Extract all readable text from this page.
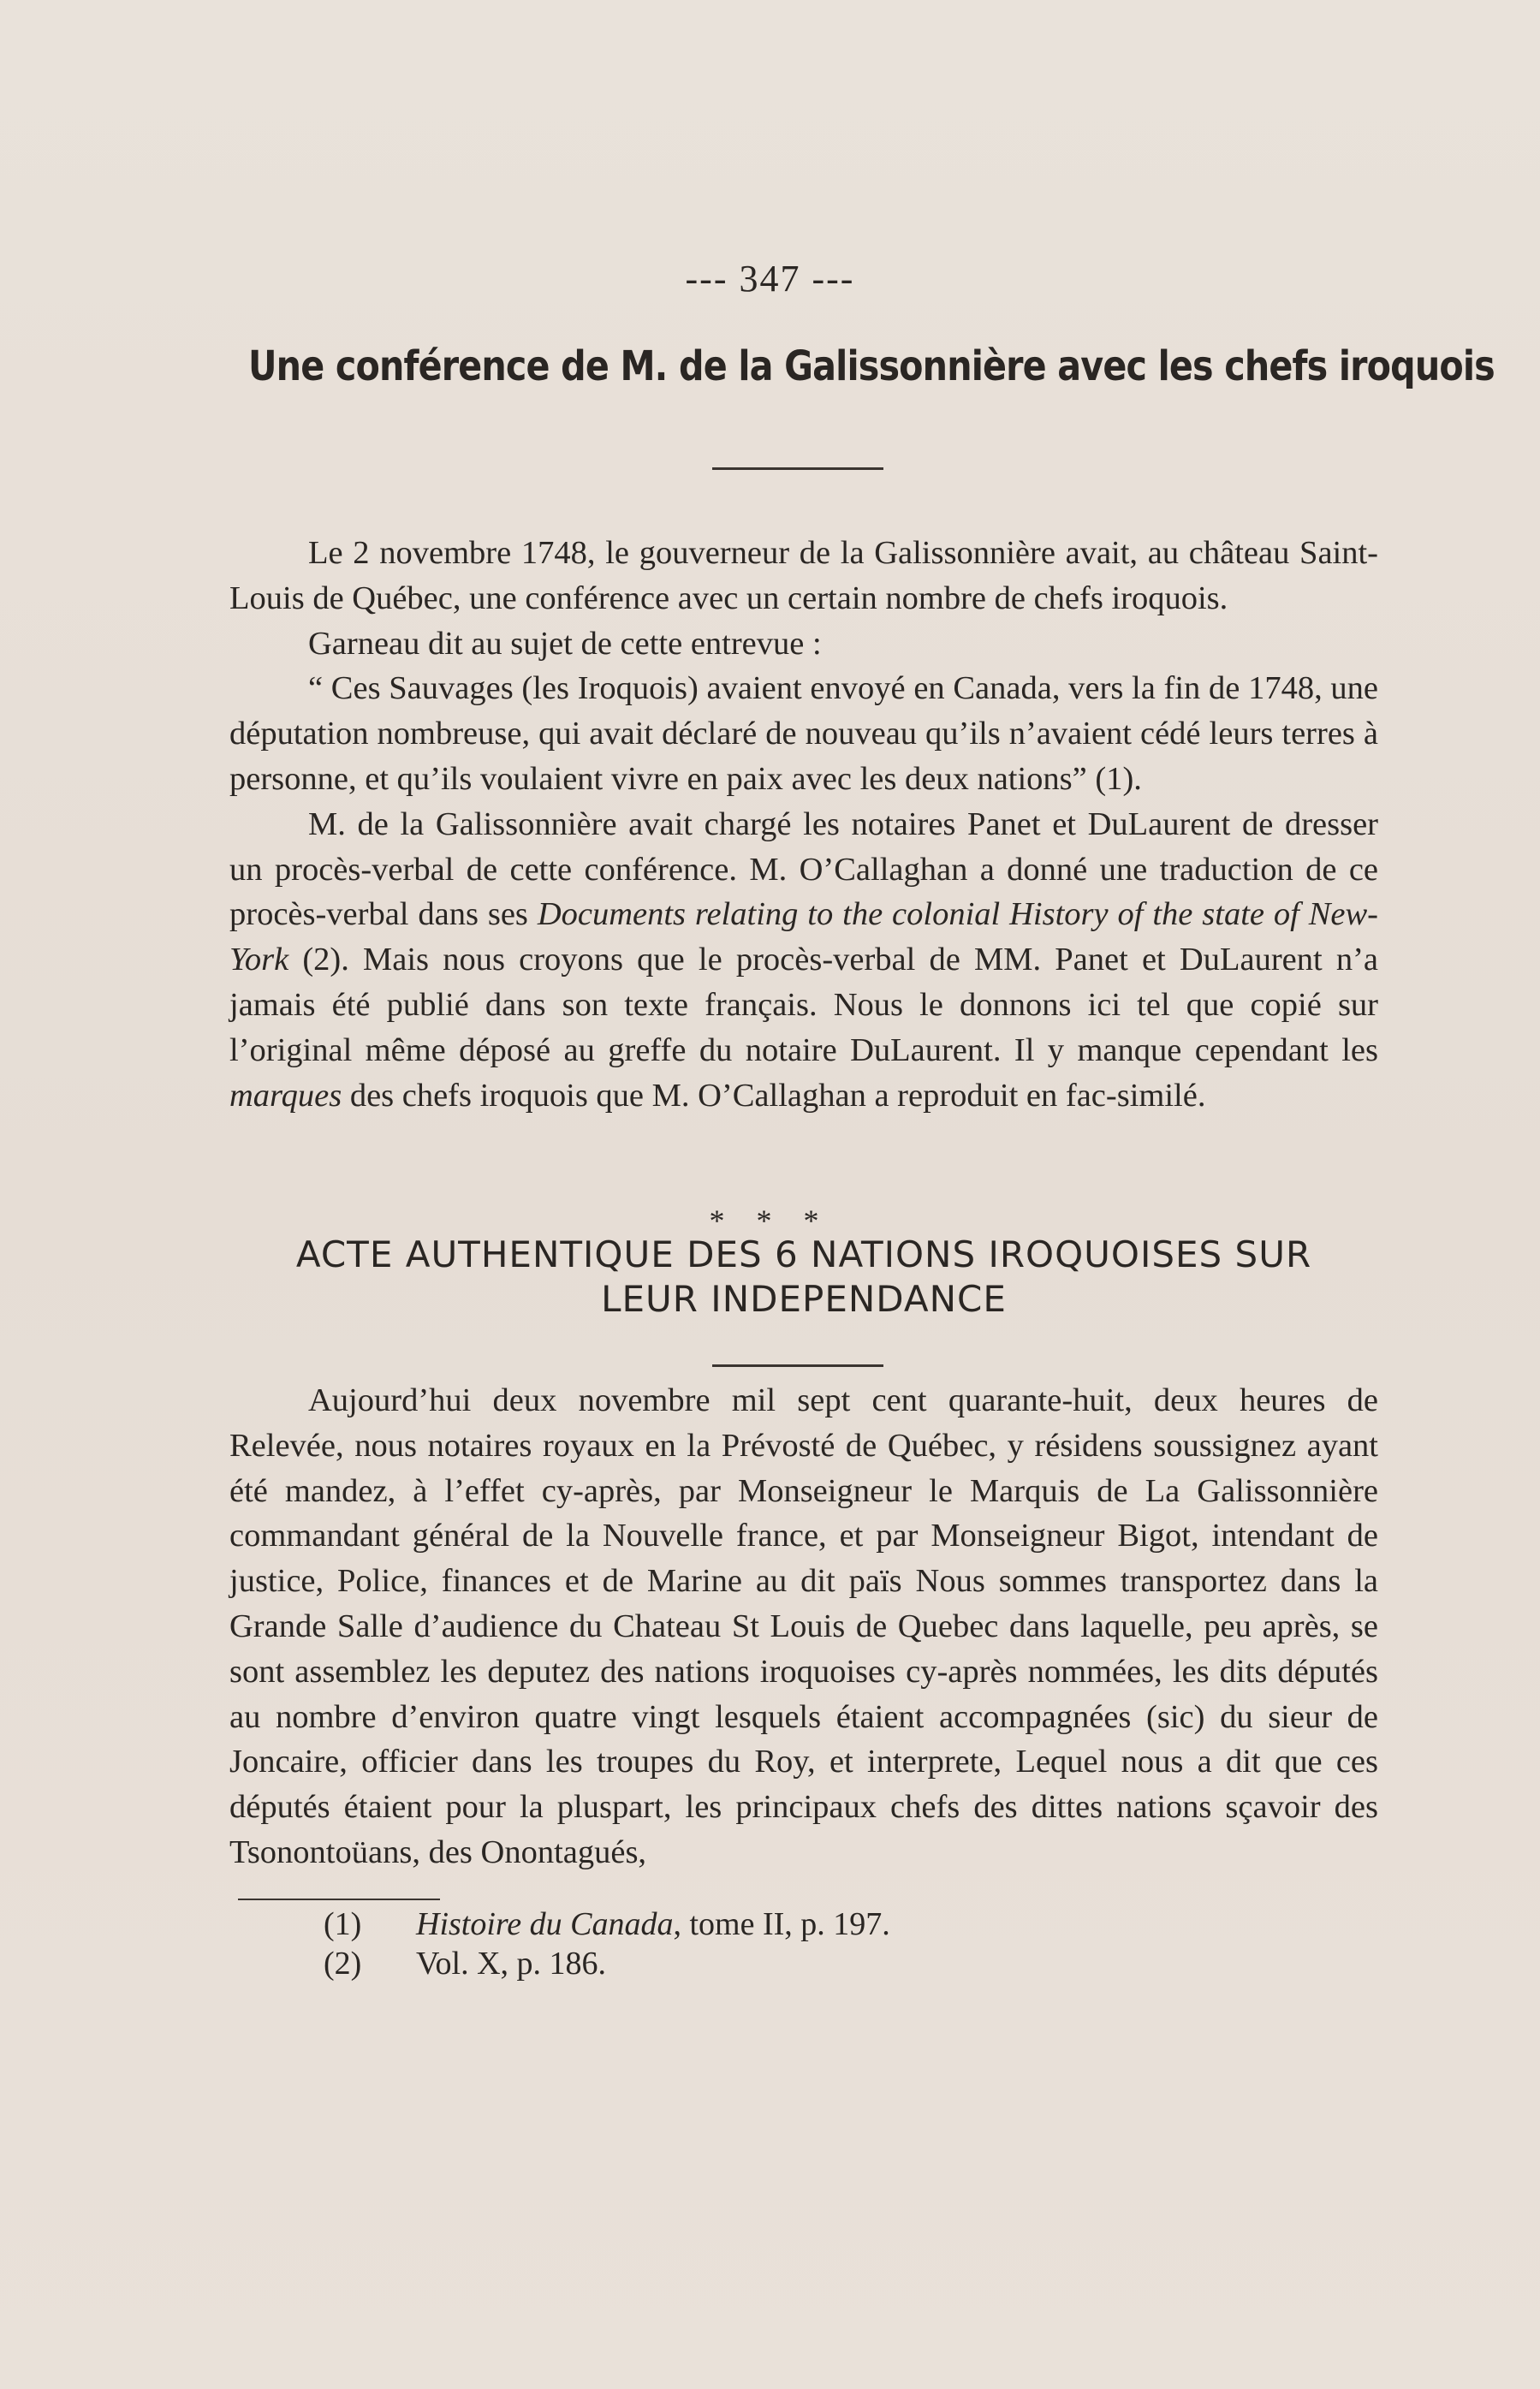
--- 347 ---
Une conférence de M. de la Galissonnière avec les chefs iroquois

Le 2 novembre 1748, le gouverneur de la Galissonnière avait, au château Saint-Louis de Québec, une conférence avec un certain nombre de chefs iroquois.

Garneau dit au sujet de cette entrevue :

“ Ces Sauvages (les Iroquois) avaient envoyé en Canada, vers la fin de 1748, une députation nombreuse, qui avait déclaré de nouveau qu’ils n’avaient cédé leurs terres à personne, et qu’ils voulaient vivre en paix avec les deux nations” (1).

M. de la Galissonnière avait chargé les notaires Panet et DuLaurent de dresser un procès-verbal de cette conférence. M. O’Callaghan a donné une traduction de ce procès-verbal dans ses Documents relating to the colonial History of the state of New-York (2). Mais nous croyons que le procès-verbal de MM. Panet et DuLaurent n’a jamais été publié dans son texte français. Nous le donnons ici tel que copié sur l’original même déposé au greffe du notaire DuLaurent. Il y manque cependant les marques des chefs iroquois que M. O’Callaghan a reproduit en fac-similé.

* * *
ACTE AUTHENTIQUE DES 6 NATIONS IROQUOISES SUR
LEUR INDEPENDANCE

Aujourd’hui deux novembre mil sept cent quarante-huit, deux heures de Relevée, nous notaires royaux en la Prévosté de Québec, y résidens soussignez ayant été mandez, à l’effet cy-après, par Monseigneur le Marquis de La Galissonnière commandant général de la Nouvelle france, et par Monseigneur Bigot, intendant de justice, Police, finances et de Marine au dit païs Nous sommes transportez dans la Grande Salle d’audience du Chateau St Louis de Quebec dans laquelle, peu après, se sont assemblez les deputez des nations iroquoises cy-après nommées, les dits députés au nombre d’environ quatre vingt lesquels étaient accompagnées (sic) du sieur de Joncaire, officier dans les troupes du Roy, et interprete, Lequel nous a dit que ces députés étaient pour la pluspart, les principaux chefs des dittes nations sçavoir des Tsonontoüans, des Onontagués,

(1)	Histoire du Canada, tome II, p. 197.
(2)	Vol. X, p. 186.
